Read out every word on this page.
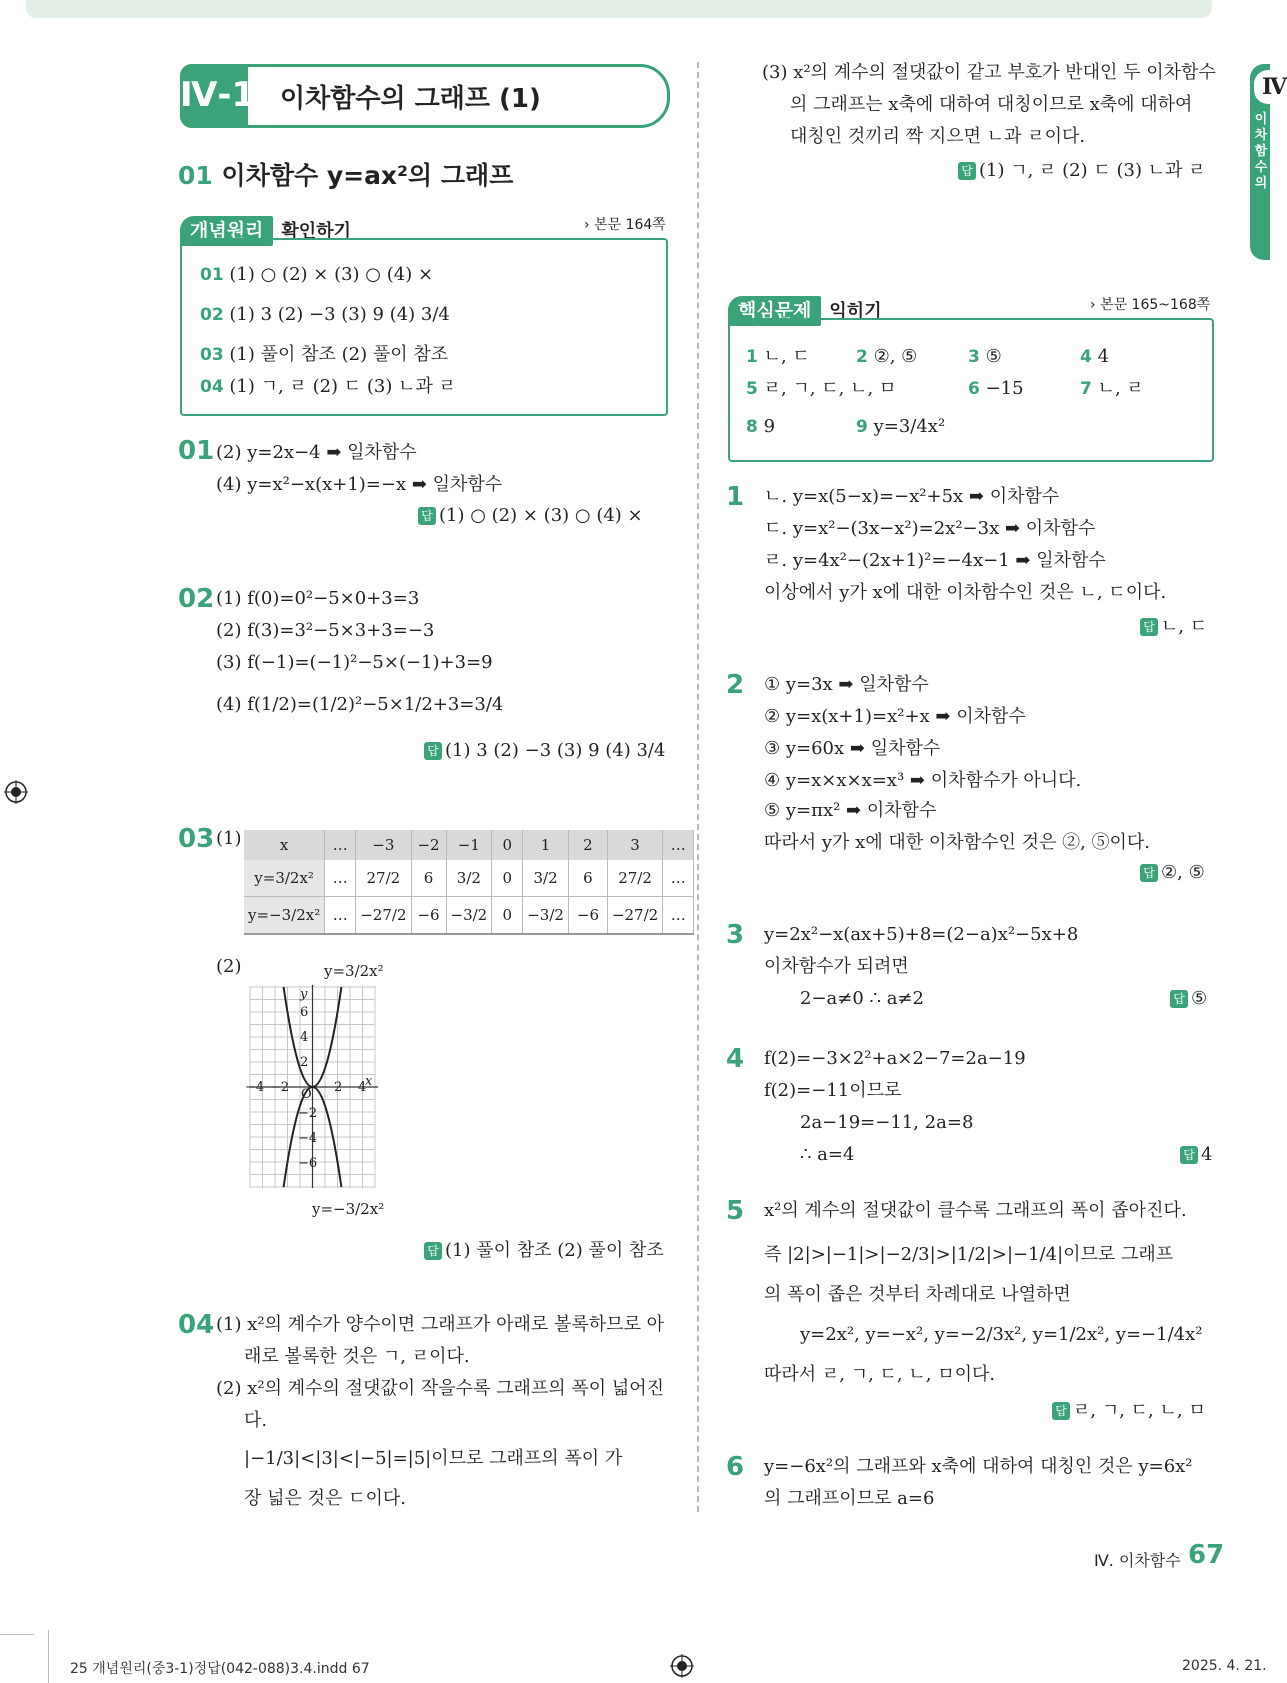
Ⅳ
이차함수의
Ⅳ-1 이차함수의 그래프 (1)
01 이차함수 y=ax²의 그래프
개념원리 확인하기	› 본문 164쪽
01 (1) ○ (2) × (3) ○ (4) ×
02 (1) 3 (2) −3 (3) 9 (4) 3/4
03 (1) 풀이 참조 (2) 풀이 참조
04 (1) ㄱ, ㄹ (2) ㄷ (3) ㄴ과 ㄹ
01 (2) y=2x−4 ➡ 일차함수
(4) y=x²−x(x+1)=−x ➡ 일차함수
답 (1) ○ (2) × (3) ○ (4) ×
02 (1) f(0)=0²−5×0+3=3
(2) f(3)=3²−5×3+3=−3
(3) f(−1)=(−1)²−5×(−1)+3=9
(4) f(1/2)=(1/2)²−5×1/2+3=3/4
답 (1) 3 (2) −3 (3) 9 (4) 3/4
03 (1)	x	…	−3	−2	−1	0	1	2	3	…
y=3/2x²	…	27/2	6	3/2	0	3/2	6	27/2	…
y=−3/2x²	…	−27/2	−6	−3/2	0	−3/2	−6	−27/2	…
(2)	y=3/2x²
y
x
O
6
4
2
−4 −2	2 4
−2
−4
−6
y=−3/2x²
답 (1) 풀이 참조 (2) 풀이 참조
04 (1) x²의 계수가 양수이면 그래프가 아래로 볼록하므로 아
래로 볼록한 것은 ㄱ, ㄹ이다.
(2) x²의 계수의 절댓값이 작을수록 그래프의 폭이 넓어진
다.
|−1/3|<|3|<|−5|=|5|이므로 그래프의 폭이 가
장 넓은 것은 ㄷ이다.
(3) x²의 계수의 절댓값이 같고 부호가 반대인 두 이차함수
의 그래프는 x축에 대하여 대칭이므로 x축에 대하여
대칭인 것끼리 짝 지으면 ㄴ과 ㄹ이다.
답 (1) ㄱ, ㄹ (2) ㄷ (3) ㄴ과 ㄹ
핵심문제 익히기	› 본문 165~168쪽
1 ㄴ, ㄷ	2 ②, ⑤	3 ⑤	4 4
5 ㄹ, ㄱ, ㄷ, ㄴ, ㅁ	6 −15	7 ㄴ, ㄹ
8 9	9 y=3/4x²
1 ㄴ. y=x(5−x)=−x²+5x ➡ 이차함수
ㄷ. y=x²−(3x−x²)=2x²−3x ➡ 이차함수
ㄹ. y=4x²−(2x+1)²=−4x−1 ➡ 일차함수
이상에서 y가 x에 대한 이차함수인 것은 ㄴ, ㄷ이다.
답 ㄴ, ㄷ
2 ① y=3x ➡ 일차함수
② y=x(x+1)=x²+x ➡ 이차함수
③ y=60x ➡ 일차함수
④ y=x×x×x=x³ ➡ 이차함수가 아니다.
⑤ y=πx² ➡ 이차함수
따라서 y가 x에 대한 이차함수인 것은 ②, ⑤이다.
답 ②, ⑤
3 y=2x²−x(ax+5)+8=(2−a)x²−5x+8
이차함수가 되려면
2−a≠0 ∴ a≠2	답 ⑤
4 f(2)=−3×2²+a×2−7=2a−19
f(2)=−11이므로
2a−19=−11, 2a=8
∴ a=4	답 4
5 x²의 계수의 절댓값이 클수록 그래프의 폭이 좁아진다.
즉 |2|>|−1|>|−2/3|>|1/2|>|−1/4|이므로 그래프
의 폭이 좁은 것부터 차례대로 나열하면
y=2x², y=−x², y=−2/3x², y=1/2x², y=−1/4x²
따라서 ㄹ, ㄱ, ㄷ, ㄴ, ㅁ이다.
답 ㄹ, ㄱ, ㄷ, ㄴ, ㅁ
6 y=−6x²의 그래프와 x축에 대하여 대칭인 것은 y=6x²
의 그래프이므로 a=6
Ⅳ. 이차함수 67
25 개념원리(중3-1)정답(042-088)3.4.indd 67	2025. 4. 21.
